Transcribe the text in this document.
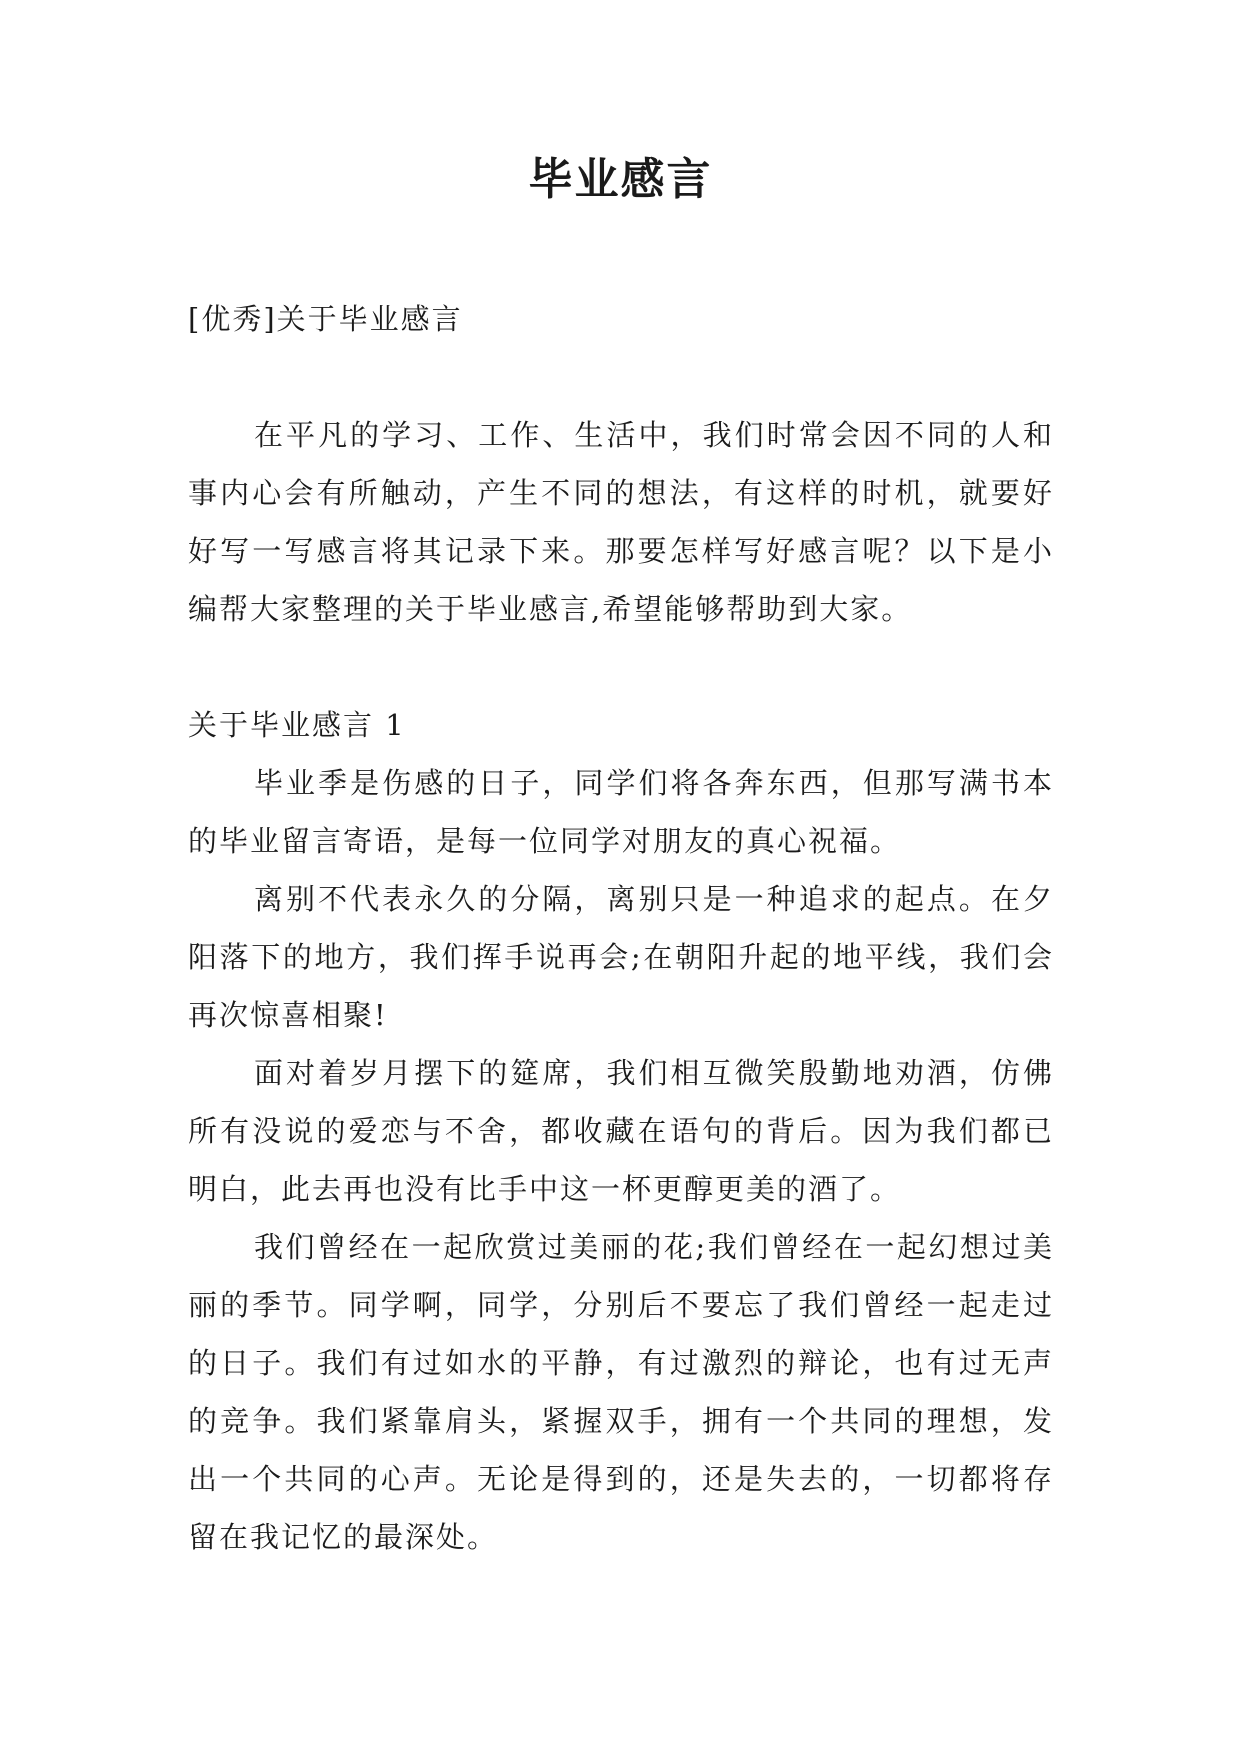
毕业感言

[优秀]关于毕业感言

在平凡的学习、工作、生活中，我们时常会因不同的人和事内心会有所触动，产生不同的想法，有这样的时机，就要好好写一写感言将其记录下来。那要怎样写好感言呢？以下是小编帮大家整理的关于毕业感言,希望能够帮助到大家。

关于毕业感言 1

毕业季是伤感的日子，同学们将各奔东西，但那写满书本的毕业留言寄语，是每一位同学对朋友的真心祝福。

离别不代表永久的分隔，离别只是一种追求的起点。在夕阳落下的地方，我们挥手说再会;在朝阳升起的地平线，我们会再次惊喜相聚!

面对着岁月摆下的筵席，我们相互微笑殷勤地劝酒，仿佛所有没说的爱恋与不舍，都收藏在语句的背后。因为我们都已明白，此去再也没有比手中这一杯更醇更美的酒了。

我们曾经在一起欣赏过美丽的花;我们曾经在一起幻想过美丽的季节。同学啊，同学，分别后不要忘了我们曾经一起走过的日子。我们有过如水的平静，有过激烈的辩论，也有过无声的竞争。我们紧靠肩头，紧握双手，拥有一个共同的理想，发出一个共同的心声。无论是得到的，还是失去的，一切都将存留在我记忆的最深处。
